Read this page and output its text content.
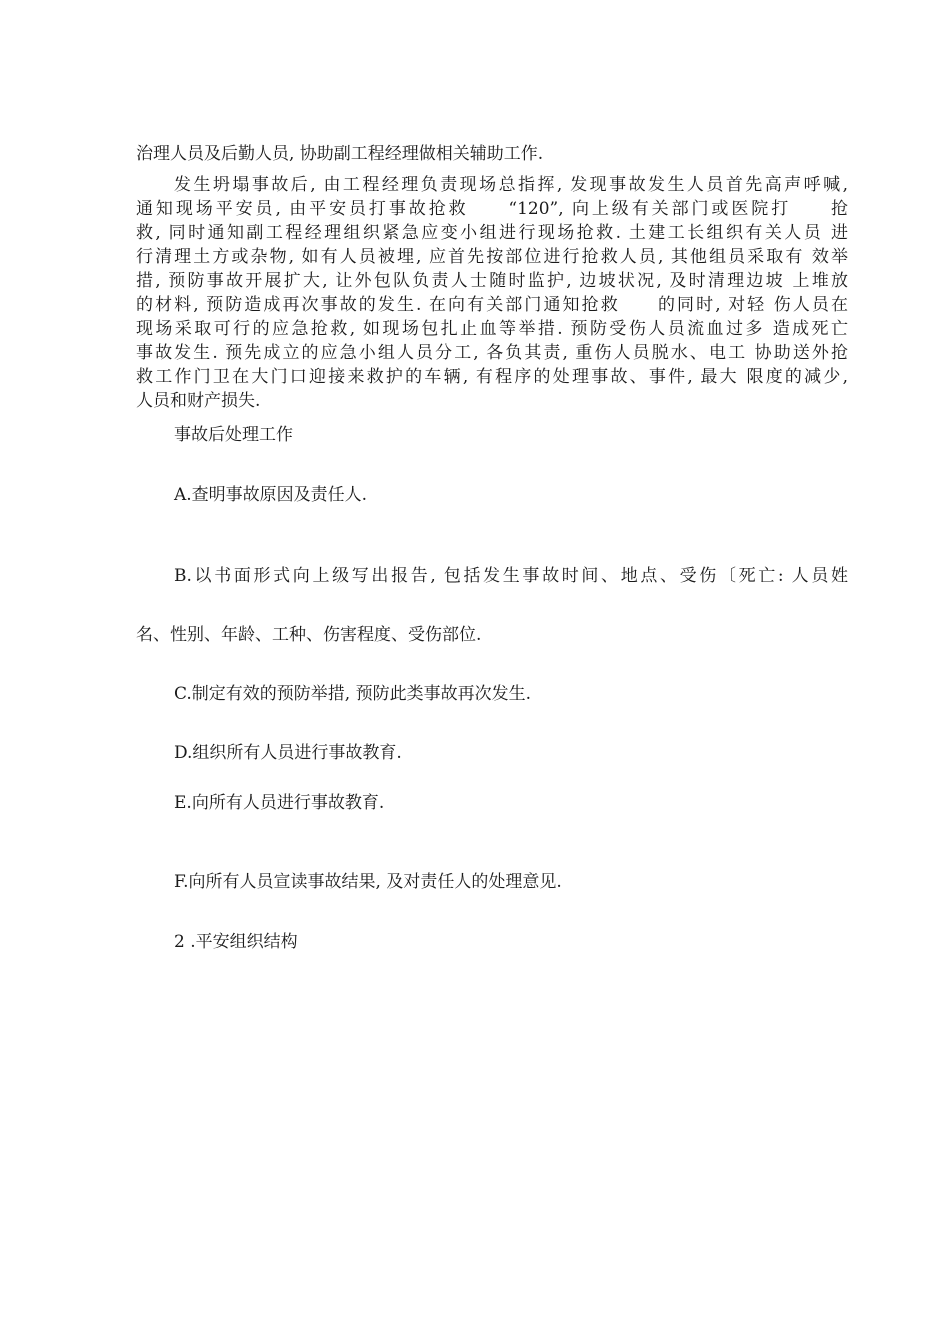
治理人员及后勤人员, 协助副工程经理做相关辅助工作.
发生坍塌事故后, 由工程经理负责现场总指挥, 发现事故发生人员首先高声呼喊,
通知现场平安员, 由平安员打事故抢救　　“120”, 向上级有关部门或医院打　　抢
救, 同时通知副工程经理组织紧急应变小组进行现场抢救. 土建工长组织有关人员 进
行清理土方或杂物, 如有人员被埋, 应首先按部位进行抢救人员, 其他组员采取有 效举
措, 预防事故开展扩大, 让外包队负责人士随时监护, 边坡状况, 及时清理边坡 上堆放
的材料, 预防造成再次事故的发生. 在向有关部门通知抢救　　的同时, 对轻 伤人员在
现场采取可行的应急抢救, 如现场包扎止血等举措. 预防受伤人员流血过多 造成死亡
事故发生. 预先成立的应急小组人员分工, 各负其责, 重伤人员脱水、电工 协助送外抢
救工作门卫在大门口迎接来救护的车辆, 有程序的处理事故、事件, 最大 限度的减少,
人员和财产损失.
事故后处理工作
A.查明事故原因及责任人.
B.以书面形式向上级写出报告, 包括发生事故时间、地点、受伤〔死亡: 人员姓
名、性别、年龄、工种、伤害程度、受伤部位.
C.制定有效的预防举措, 预防此类事故再次发生.
D.组织所有人员进行事故教育.
E.向所有人员进行事故教育.
F.向所有人员宣读事故结果, 及对责任人的处理意见.
2 .平安组织结构
